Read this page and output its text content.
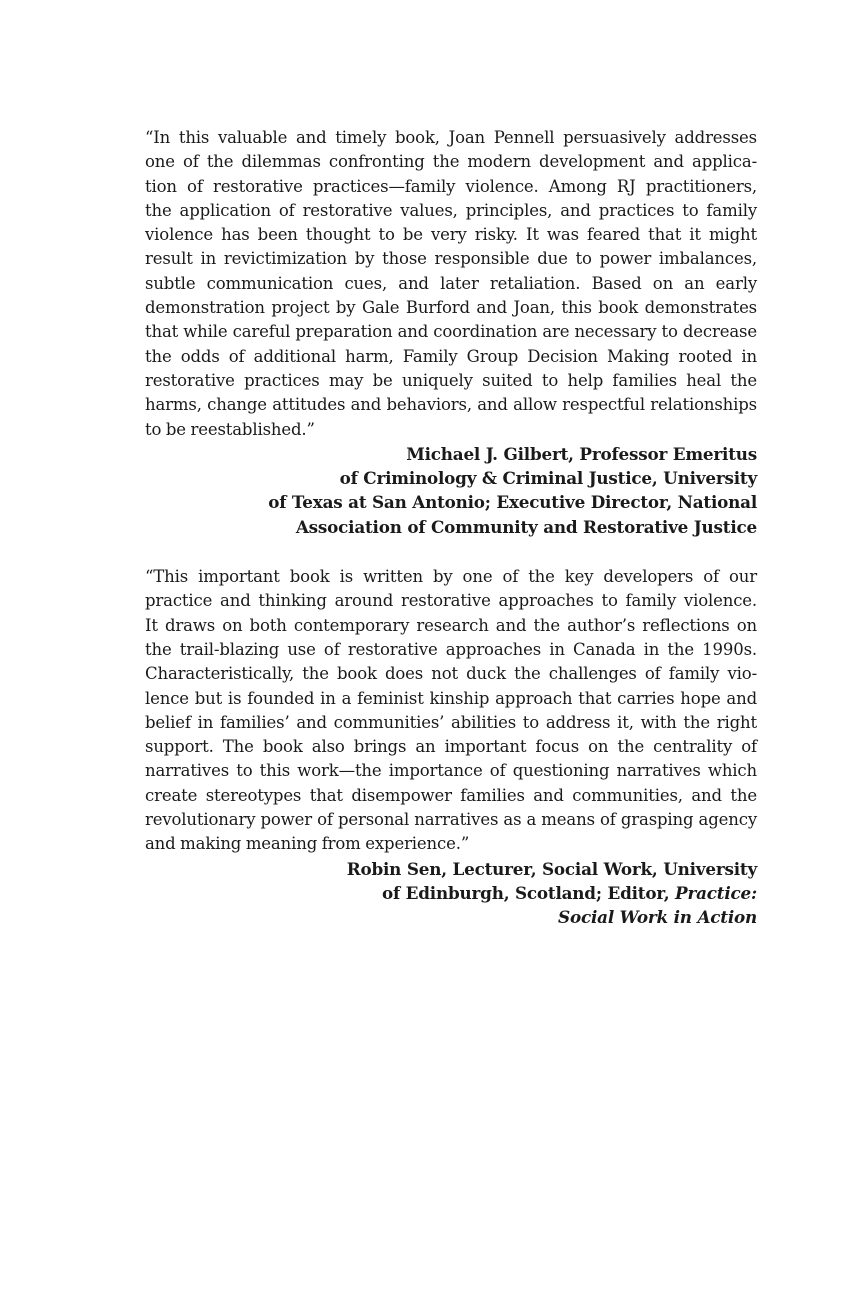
“In this valuable and timely book, Joan Pennell persuasively addresses
one of the dilemmas confronting the modern development and applica-
tion of restorative practices—family violence. Among RJ practitioners,
the application of restorative values, principles, and practices to family
violence has been thought to be very risky. It was feared that it might
result in revictimization by those responsible due to power imbalances,
subtle communication cues, and later retaliation. Based on an early
demonstration project by Gale Burford and Joan, this book demonstrates
that while careful preparation and coordination are necessary to decrease
the odds of additional harm, Family Group Decision Making rooted in
restorative practices may be uniquely suited to help families heal the
harms, change attitudes and behaviors, and allow respectful relationships
to be reestablished.”
Michael J. Gilbert, Professor Emeritus
of Criminology & Criminal Justice, University
of Texas at San Antonio; Executive Director, National
Association of Community and Restorative Justice
“This important book is written by one of the key developers of our
practice and thinking around restorative approaches to family violence.
It draws on both contemporary research and the author’s reflections on
the trail-blazing use of restorative approaches in Canada in the 1990s.
Characteristically, the book does not duck the challenges of family vio-
lence but is founded in a feminist kinship approach that carries hope and
belief in families’ and communities’ abilities to address it, with the right
support. The book also brings an important focus on the centrality of
narratives to this work—the importance of questioning narratives which
create stereotypes that disempower families and communities, and the
revolutionary power of personal narratives as a means of grasping agency
and making meaning from experience.”
Robin Sen, Lecturer, Social Work, University
of Edinburgh, Scotland; Editor, Practice:
Social Work in Action
